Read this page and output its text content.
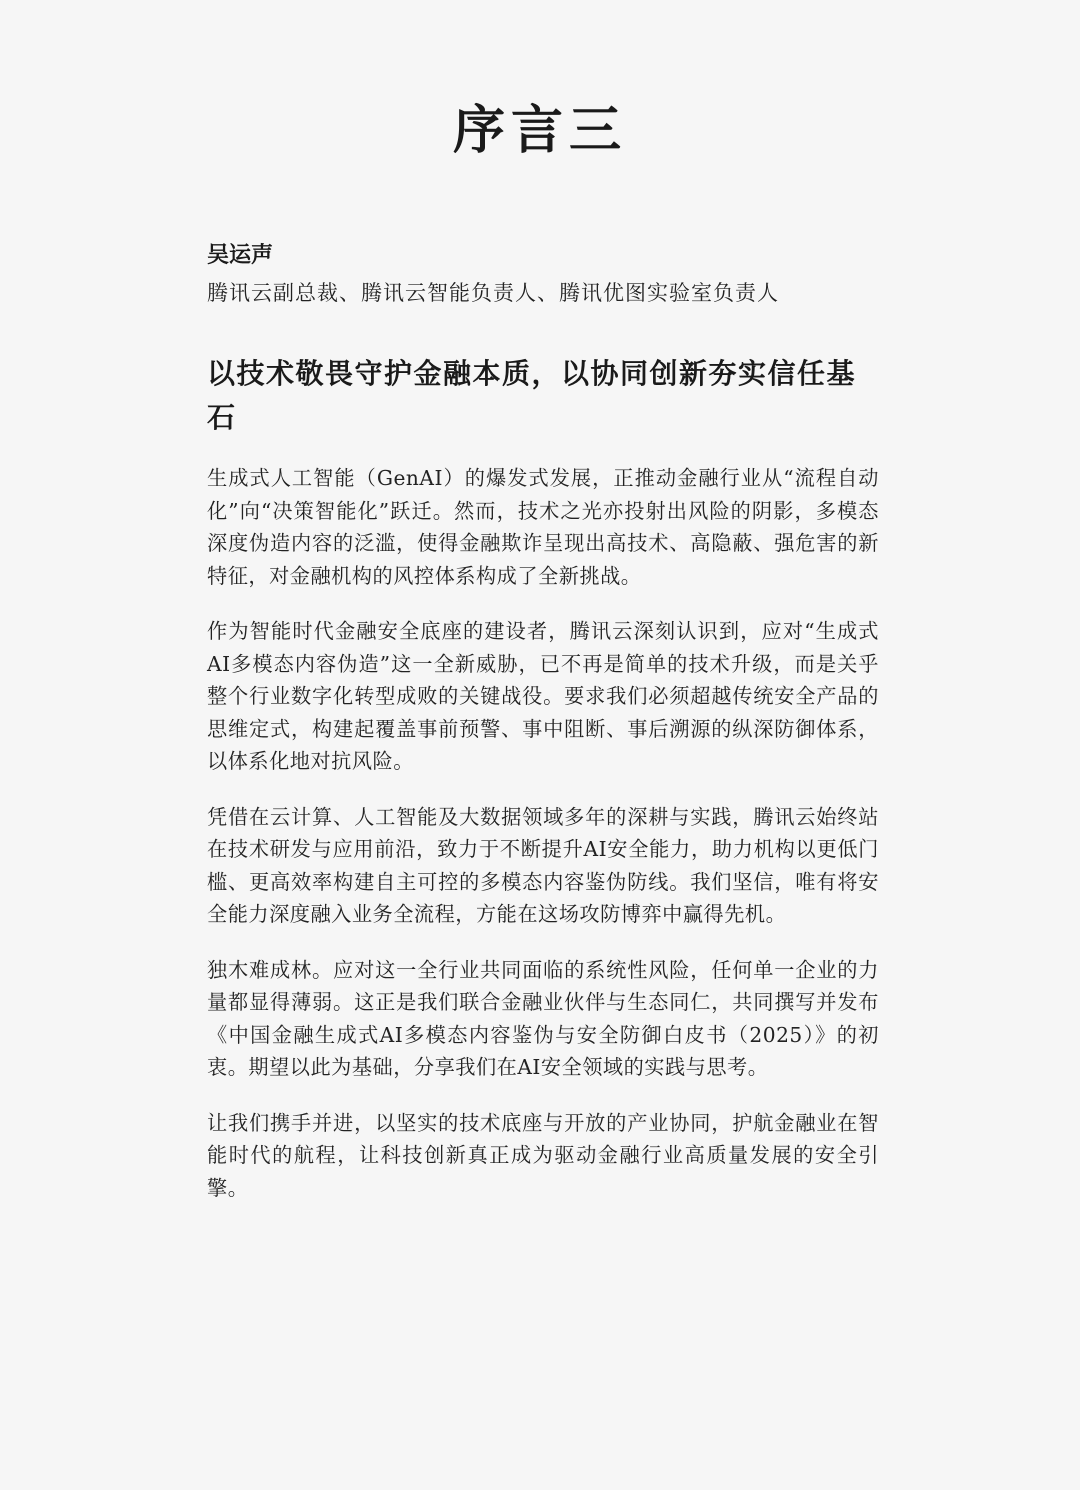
序言三

吴运声

腾讯云副总裁、腾讯云智能负责人、腾讯优图实验室负责人

以技术敬畏守护金融本质，以协同创新夯实信任基石

生成式人工智能（GenAI）的爆发式发展，正推动金融行业从“流程自动化”向“决策智能化”跃迁。然而，技术之光亦投射出风险的阴影，多模态深度伪造内容的泛滥，使得金融欺诈呈现出高技术、高隐蔽、强危害的新特征，对金融机构的风控体系构成了全新挑战。

作为智能时代金融安全底座的建设者，腾讯云深刻认识到，应对“生成式AI多模态内容伪造”这一全新威胁，已不再是简单的技术升级，而是关乎整个行业数字化转型成败的关键战役。要求我们必须超越传统安全产品的思维定式，构建起覆盖事前预警、事中阻断、事后溯源的纵深防御体系，以体系化地对抗风险。

凭借在云计算、人工智能及大数据领域多年的深耕与实践，腾讯云始终站在技术研发与应用前沿，致力于不断提升AI安全能力，助力机构以更低门槛、更高效率构建自主可控的多模态内容鉴伪防线。我们坚信，唯有将安全能力深度融入业务全流程，方能在这场攻防博弈中赢得先机。

独木难成林。应对这一全行业共同面临的系统性风险，任何单一企业的力量都显得薄弱。这正是我们联合金融业伙伴与生态同仁，共同撰写并发布《中国金融生成式AI多模态内容鉴伪与安全防御白皮书（2025）》的初衷。期望以此为基础，分享我们在AI安全领域的实践与思考。

让我们携手并进，以坚实的技术底座与开放的产业协同，护航金融业在智能时代的航程，让科技创新真正成为驱动金融行业高质量发展的安全引擎。
